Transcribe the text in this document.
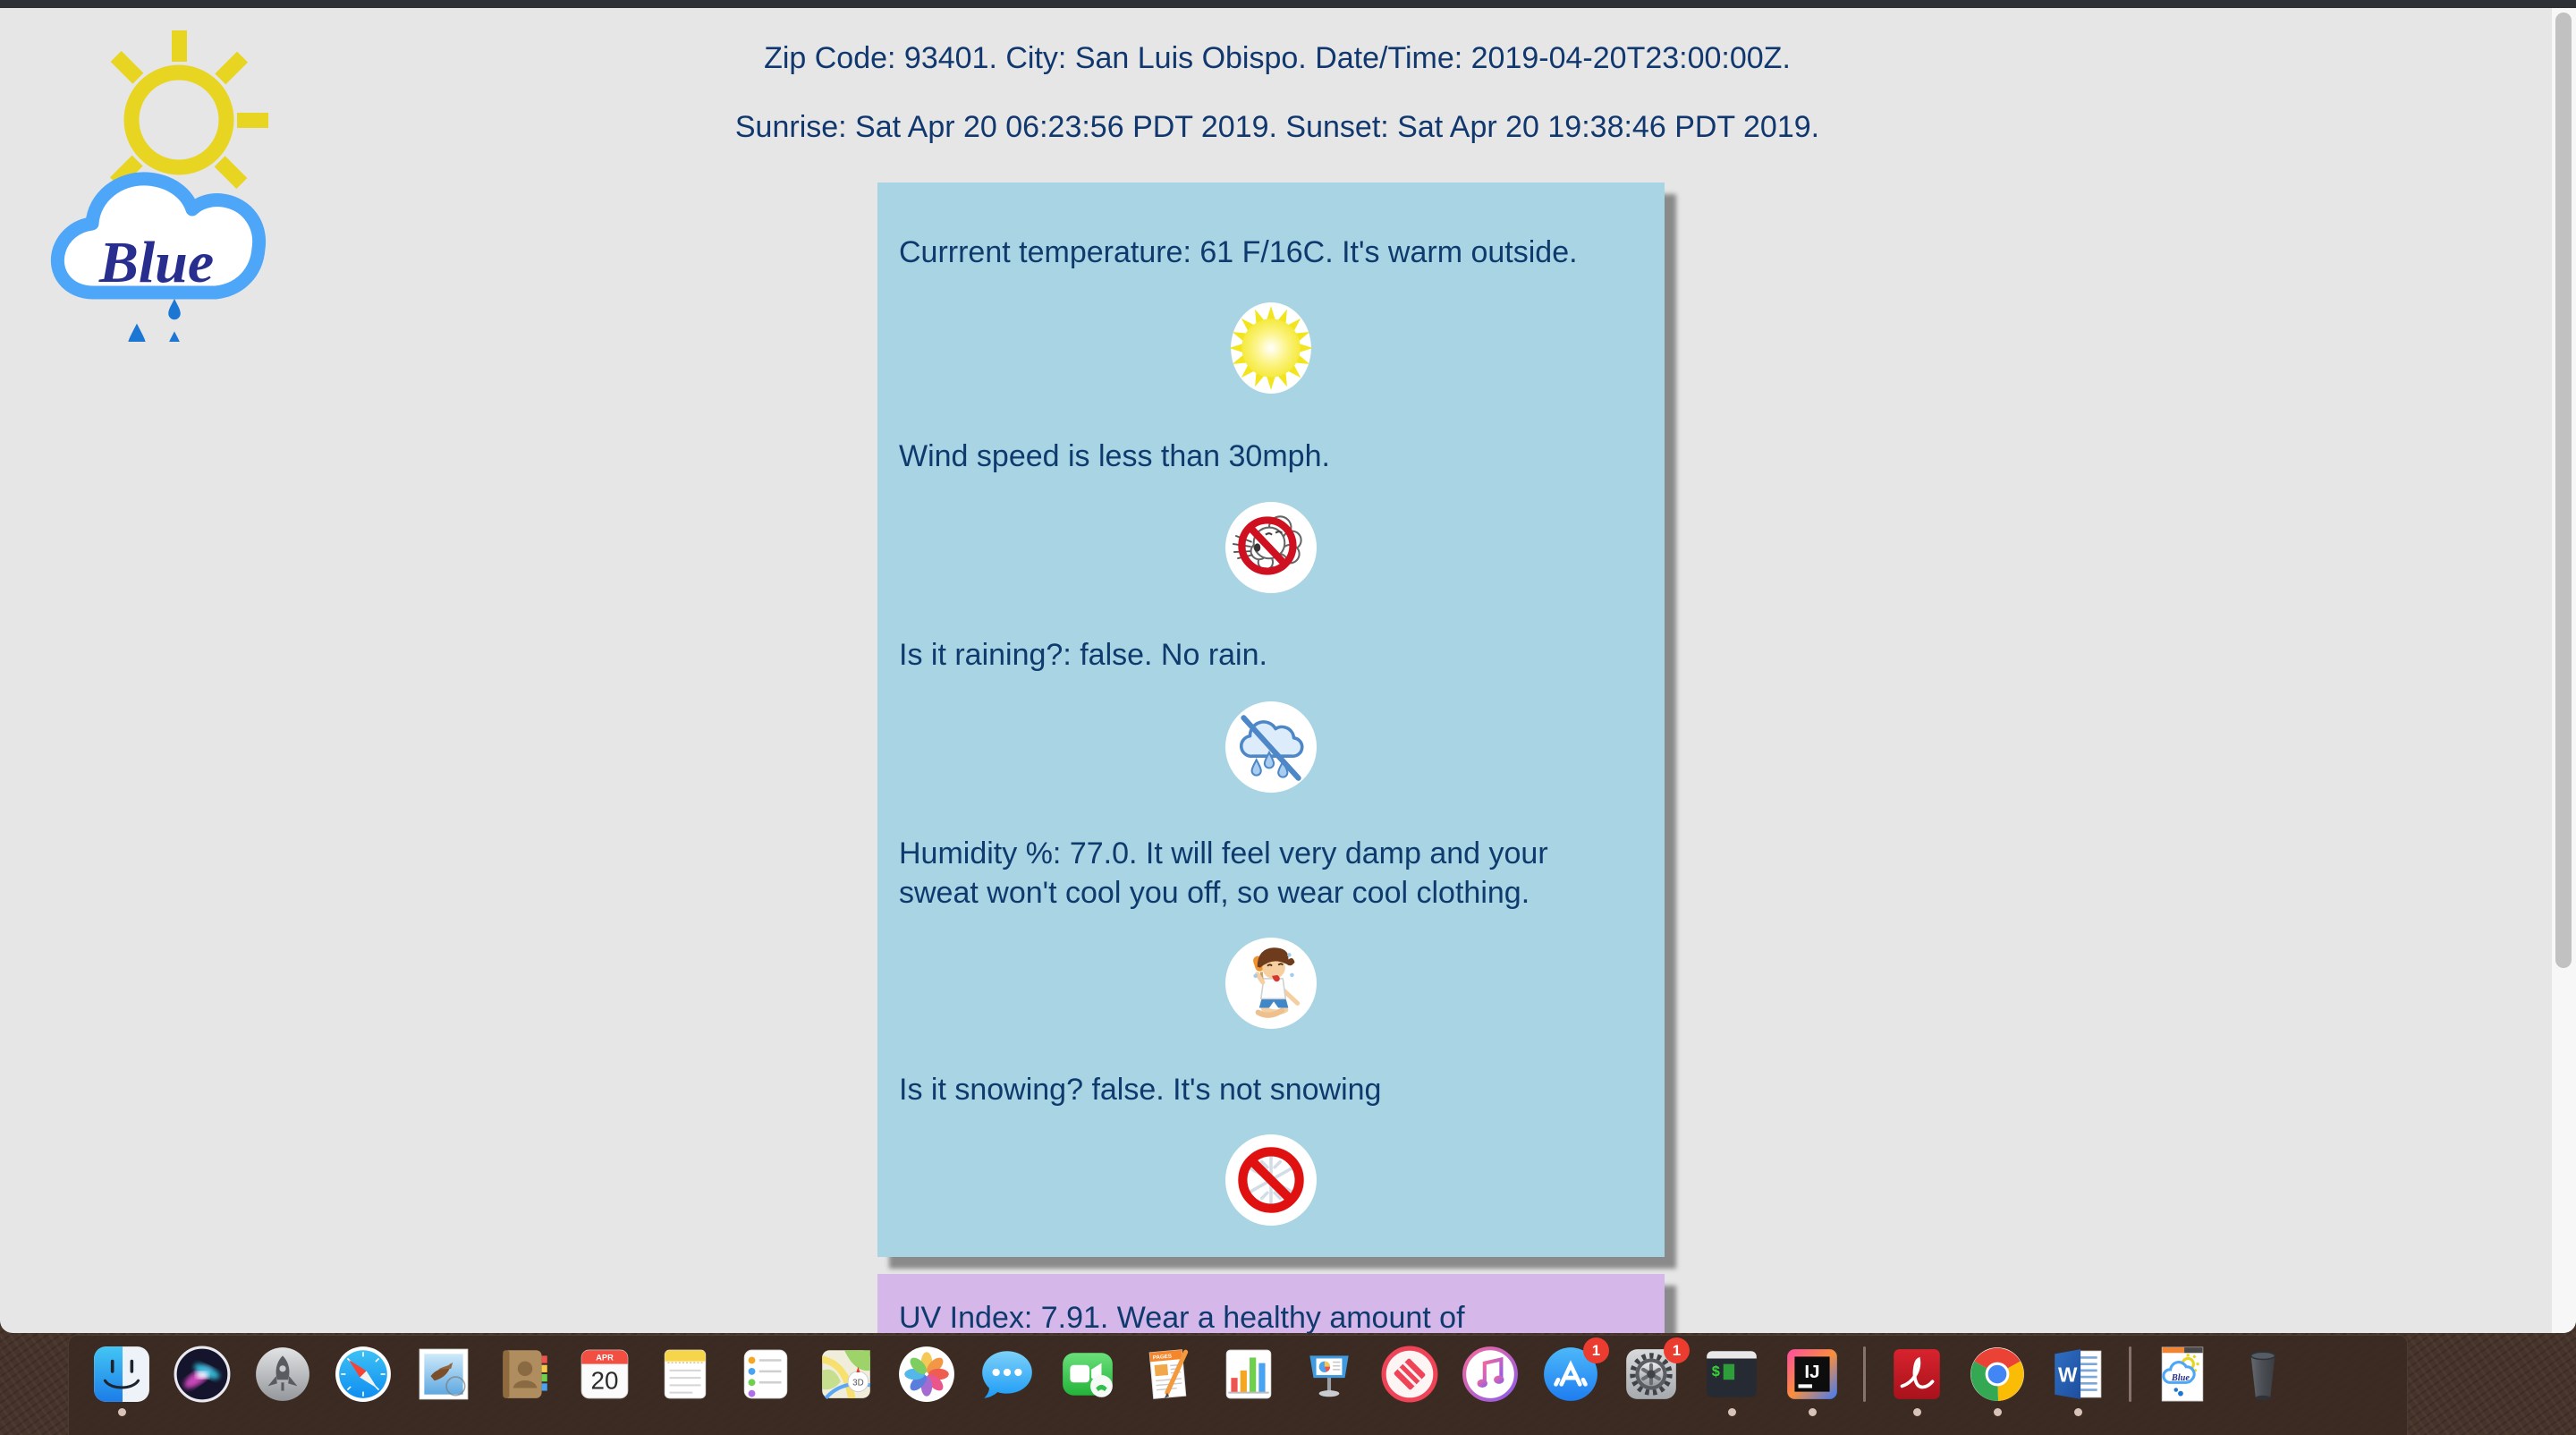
Blue
Zip Code: 93401. City: San Luis Obispo. Date/Time: 2019-04-20T23:00:00Z.
Sunrise: Sat Apr 20 06:23:56 PDT 2019. Sunset: Sat Apr 20 19:38:46 PDT 2019.
Currrent temperature: 61 F/16C. It's warm outside.
Wind speed is less than 30mph.
Is it raining?: false. No rain.
Humidity %: 77.0. It will feel very damp and your sweat won't cool you off, so wear cool clothing.
Is it snowing? false. It's not snowing
UV Index: 7.91. Wear a healthy amount of
APR
20	3D
PAGES	1	1
$	IJ	W	Blue
